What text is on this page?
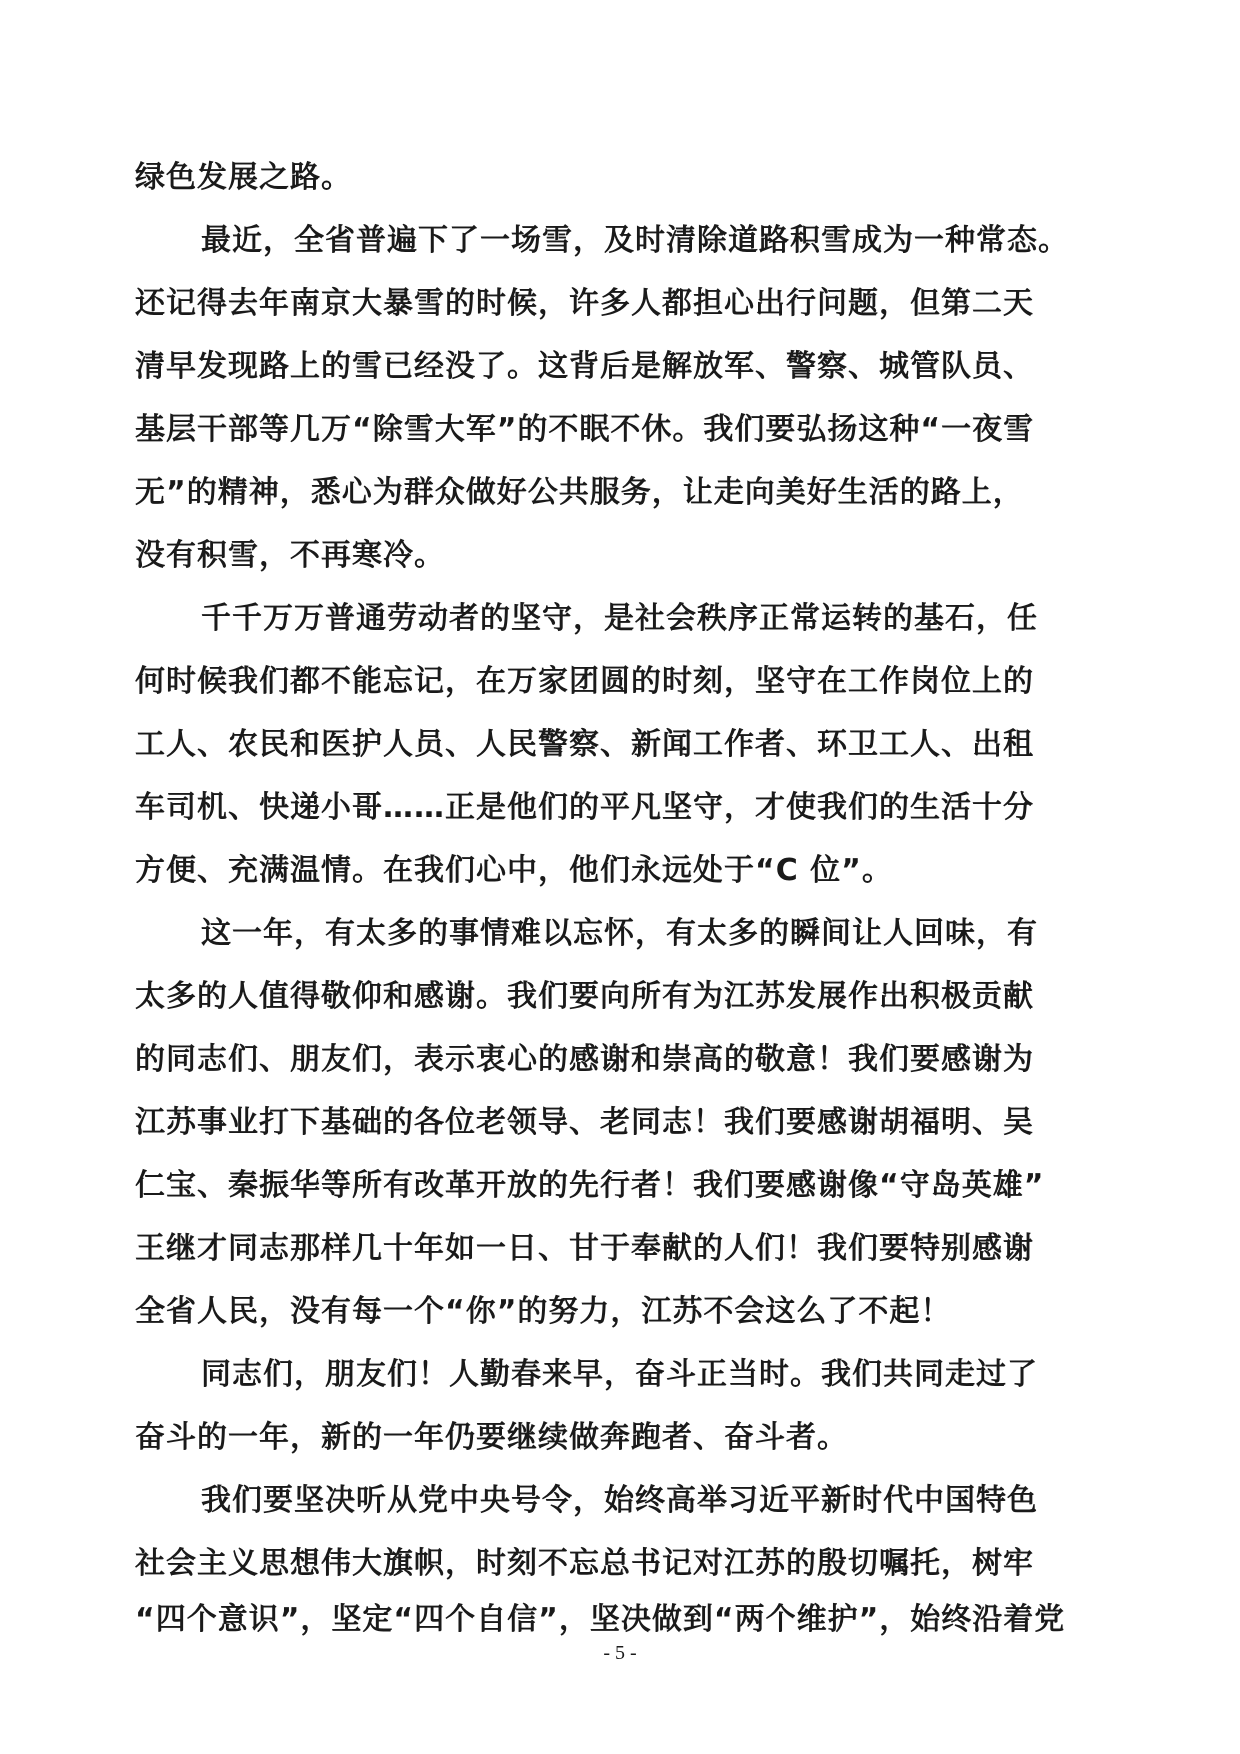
绿色发展之路。
最近，全省普遍下了一场雪，及时清除道路积雪成为一种常态。
还记得去年南京大暴雪的时候，许多人都担心出行问题，但第二天
清早发现路上的雪已经没了。这背后是解放军、警察、城管队员、
基层干部等几万“除雪大军”的不眠不休。我们要弘扬这种“一夜雪
无”的精神，悉心为群众做好公共服务，让走向美好生活的路上，
没有积雪，不再寒冷。
千千万万普通劳动者的坚守，是社会秩序正常运转的基石，任
何时候我们都不能忘记，在万家团圆的时刻，坚守在工作岗位上的
工人、农民和医护人员、人民警察、新闻工作者、环卫工人、出租
车司机、快递小哥……正是他们的平凡坚守，才使我们的生活十分
方便、充满温情。在我们心中，他们永远处于“C 位”。
这一年，有太多的事情难以忘怀，有太多的瞬间让人回味，有
太多的人值得敬仰和感谢。我们要向所有为江苏发展作出积极贡献
的同志们、朋友们，表示衷心的感谢和崇高的敬意！我们要感谢为
江苏事业打下基础的各位老领导、老同志！我们要感谢胡福明、吴
仁宝、秦振华等所有改革开放的先行者！我们要感谢像“守岛英雄”
王继才同志那样几十年如一日、甘于奉献的人们！我们要特别感谢
全省人民，没有每一个“你”的努力，江苏不会这么了不起！
同志们，朋友们！人勤春来早，奋斗正当时。我们共同走过了
奋斗的一年，新的一年仍要继续做奔跑者、奋斗者。
我们要坚决听从党中央号令，始终高举习近平新时代中国特色
社会主义思想伟大旗帜，时刻不忘总书记对江苏的殷切嘱托，树牢
“四个意识”，坚定“四个自信”，坚决做到“两个维护”，始终沿着党
- 5 -
